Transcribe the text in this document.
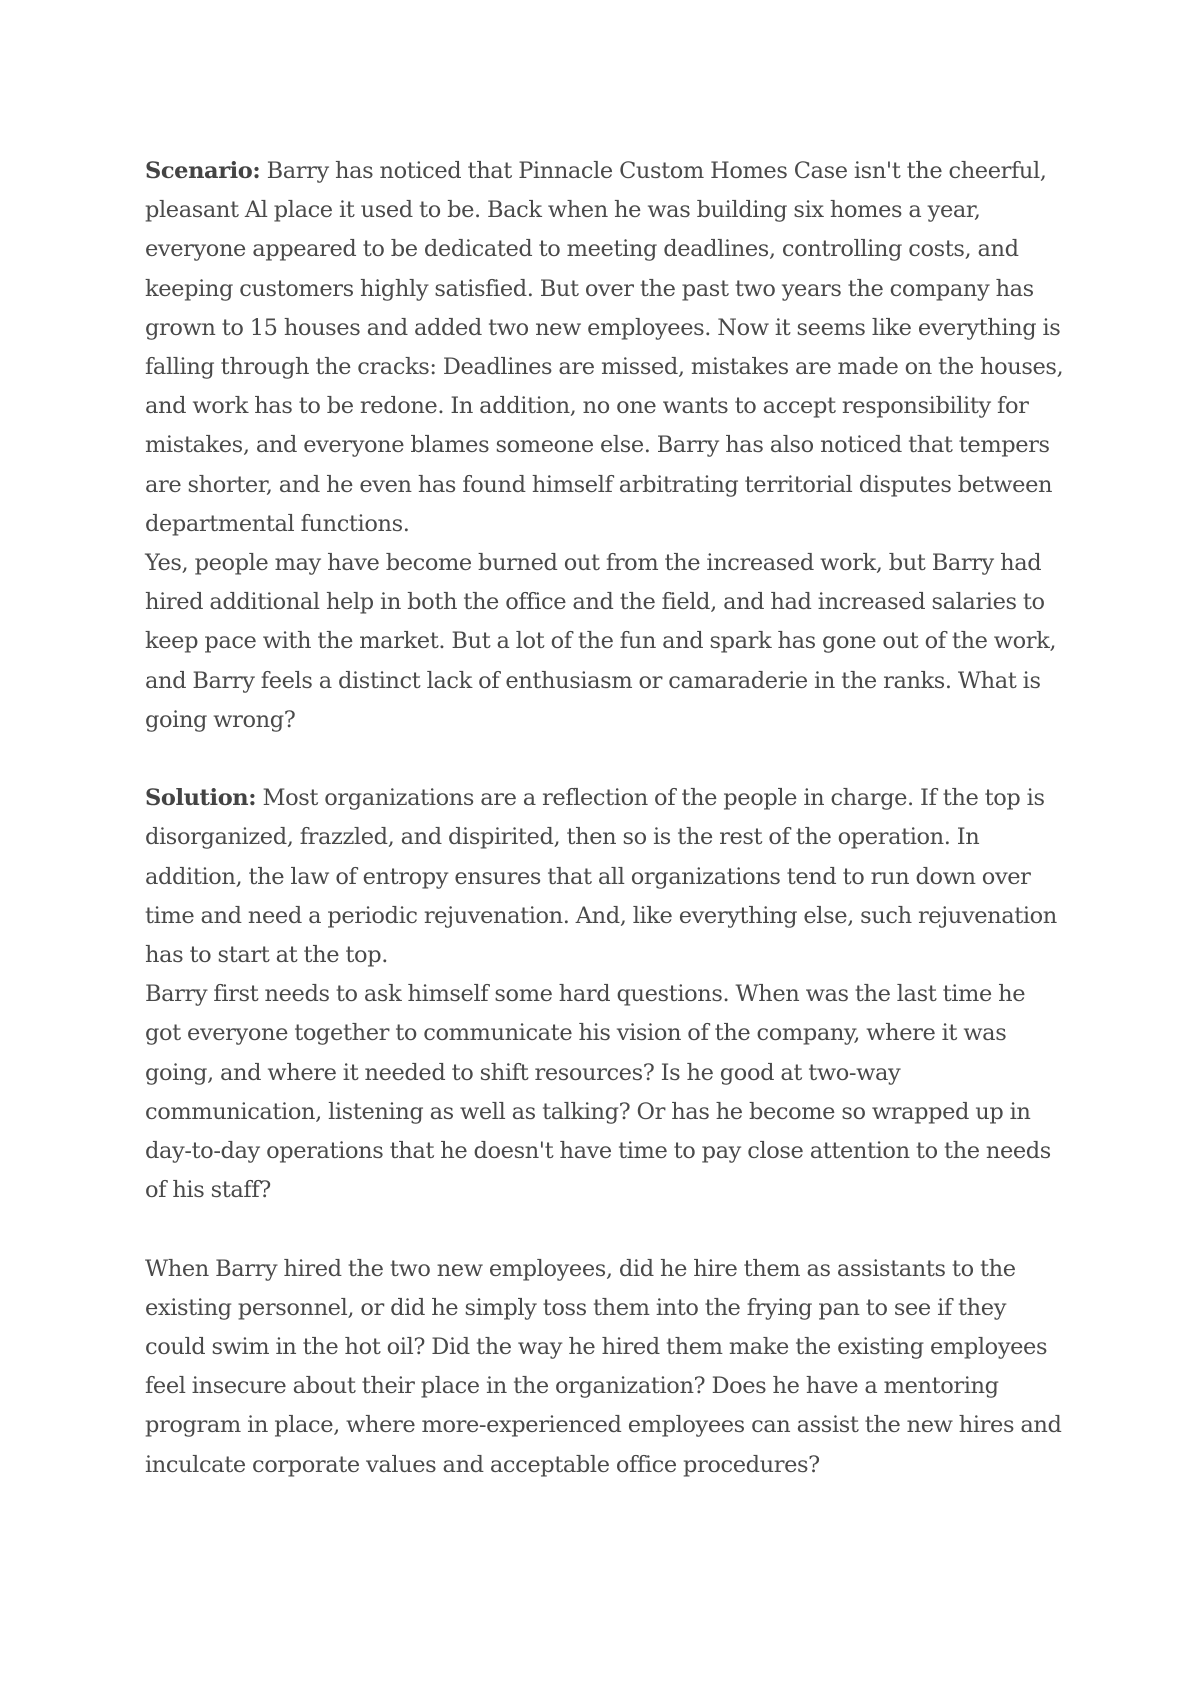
Scenario: Barry has noticed that Pinnacle Custom Homes Case isn't the cheerful, pleasant Al place it used to be. Back when he was building six homes a year, everyone appeared to be dedicated to meeting deadlines, controlling costs, and keeping customers highly satisfied. But over the past two years the company has grown to 15 houses and added two new employees. Now it seems like everything is falling through the cracks: Deadlines are missed, mistakes are made on the houses, and work has to be redone. In addition, no one wants to accept responsibility for mistakes, and everyone blames someone else. Barry has also noticed that tempers are shorter, and he even has found himself arbitrating territorial disputes between departmental functions.

Yes, people may have become burned out from the increased work, but Barry had hired additional help in both the office and the field, and had increased salaries to keep pace with the market. But a lot of the fun and spark has gone out of the work, and Barry feels a distinct lack of enthusiasm or camaraderie in the ranks. What is going wrong?

Solution: Most organizations are a reflection of the people in charge. If the top is disorganized, frazzled, and dispirited, then so is the rest of the operation. In addition, the law of entropy ensures that all organizations tend to run down over time and need a periodic rejuvenation. And, like everything else, such rejuvenation has to start at the top.

Barry first needs to ask himself some hard questions. When was the last time he got everyone together to communicate his vision of the company, where it was going, and where it needed to shift resources? Is he good at two-way communication, listening as well as talking? Or has he become so wrapped up in day-to-day operations that he doesn't have time to pay close attention to the needs of his staff?

When Barry hired the two new employees, did he hire them as assistants to the existing personnel, or did he simply toss them into the frying pan to see if they could swim in the hot oil? Did the way he hired them make the existing employees feel insecure about their place in the organization? Does he have a mentoring program in place, where more-experienced employees can assist the new hires and inculcate corporate values and acceptable office procedures?
